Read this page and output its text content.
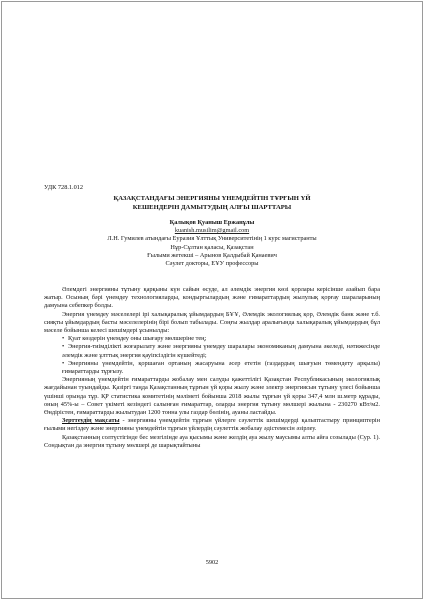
УДК 728.1.012
ҚАЗАҚСТАНДАҒЫ ЭНЕРГИЯНЫ ҮНЕМДЕЙТІН ТҰРҒЫН ҮЙ
КЕШЕНДЕРІН ДАМЫТУДЫҢ АЛҒЫ ШАРТТАРЫ
Қалықов Қуаныш Ержанұлы
kuanish.musilim@gmail.com
Л.Н. Гумилев атындағы Еуразия Ұлттық Университетінің 1 курс магистранты
Нұр-Сұлтан қаласы, Қазақстан
Ғылыми жетекші – Арынов Қалдыбай Қанаевич
Сәулет докторы, ЕҰУ профессоры

Әлемдегі энергияны тұтыну қарқыны күн сайын өсуде, ал әлемдік энергия көзі қорлары керісінше азайып бара жатыр. Осының бәрі үнемдеу технологияларды, кондыргылардың және ғимараттардың жылулық қорғау шараларының дамуына себепкер болды.

Энергия үнемдеу мәселелері ірі халықаралық ұйымдардың БҰҰ, Әлемдік экологиялық қор, Әлемдік банк және т.б. сияқты ұйымдардың басты мәселелерінің бірі болып табылады. Соңғы жылдар аралығында халықаралық ұйымдардың бұл мәселе бойынша келесі шешімдері ұсынылды:

• Қуат көздерін үнемдеу оны шығару мөлшеріне тең;

• Энергия-тиімділікті жоғарылату және энергияны үнемдеу шаралары экономиканың дамуына әкеледі, нәтижесінде әлемдік және ұлттық энергия қауіпсіздігін күшейтеді;

• Энергияны үнемдейтін, қоршаған ортаның жасаруына әсер ететін (газдардың шығуын төмендету арқылы) ғимараттарды тұрғызу.

Энергияның үнемдейтін ғимараттарды жобалау мен салуды қажеттілігі Қазақстан Республикасының экологиялық жағдайынан туындайды. Қазіргі таңда Қазақстанның тұрғын үй қоры жылу және электр энергиясын тұтыну үлесі бойынша үшінші орында тұр. ҚР статистика комитетінің мәліметі бойынша 2018 жылы тұрғын үй қоры 347,4 млн ш.метр құрады, оның 45%-ы – Совет үкіметі кезіндегі салынған ғимараттар, оларды энергия тұтыну мөлшері жылына - 230270 кВт/м2. Өндірістен, ғимараттарды жылытудан 1200 тонна улы газдар бөлінің, ауаны ластайды.

Зерттеудің мақсаты - энергияны үнемдейтін тұрғын үйлерге сәулеттік шешімдерді қалыптастыру принциптерін ғылыми негіздеу және энергияны үнемдейтін тұрғын үйлердің сәулеттік жобалау әдістемесін әзірлеу.

Қазақстанның солтүстігінде бес мезгілінде ауа қысымы және желдің ауа жылу маусымы алты айға созылады (Сур. 1). Сондықтан да энергия тұтыну мөлшері де шарықтайтыны

5902
